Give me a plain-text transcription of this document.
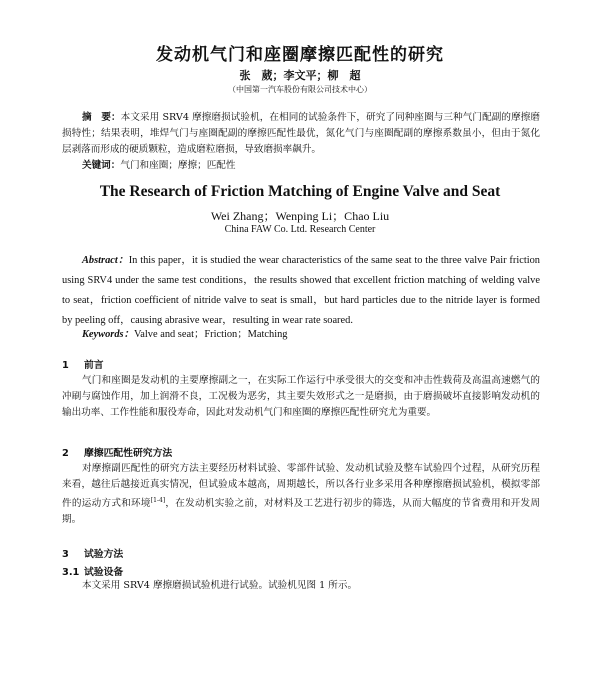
发动机气门和座圈摩擦匹配性的研究
张　葳；李文平；柳　超
（中国第一汽车股份有限公司技术中心）
摘　要：本文采用 SRV4 摩擦磨损试验机，在相同的试验条件下，研究了同种座圈与三种气门配副的摩擦磨损特性；结果表明，堆焊气门与座圈配副的摩擦匹配性最优，氮化气门与座圈配副的摩擦系数虽小，但由于氮化层剥落而形成的硬质颗粒，造成磨粒磨损，导致磨损率飙升。
关键词：气门和座圈；摩擦；匹配性
The Research of Friction Matching of Engine Valve and Seat
Wei Zhang；Wenping Li；Chao Liu
China FAW Co. Ltd. Research Center
Abstract：In this paper，it is studied the wear characteristics of the same seat to the three valve Pair friction using SRV4 under the same test conditions，the results showed that excellent friction matching of welding valve to seat，friction coefficient of nitride valve to seat is small，but hard particles due to the nitride layer is formed by peeling off，causing abrasive wear，resulting in wear rate soared.
Keywords：Valve and seat；Friction；Matching
1 前言
气门和座圈是发动机的主要摩擦副之一，在实际工作运行中承受很大的交变和冲击性载荷及高温高速燃气的冲刷与腐蚀作用，加上润滑不良，工况极为恶劣，其主要失效形式之一是磨损，由于磨损破坏直接影响发动机的输出功率、工作性能和服役寿命，因此对发动机气门和座圈的摩擦匹配性研究尤为重要。
2 摩擦匹配性研究方法
对摩擦副匹配性的研究方法主要经历材料试验、零部件试验、发动机试验及整车试验四个过程，从研究历程来看，越往后越接近真实情况，但试验成本越高，周期越长，所以各行业多采用各种摩擦磨损试验机，模拟零部件的运动方式和环境[1-4]，在发动机实验之前，对材料及工艺进行初步的筛选，从而大幅度的节省费用和开发周期。
3 试验方法
3.1 试验设备
本文采用 SRV4 摩擦磨损试验机进行试验。试验机见图 1 所示。
